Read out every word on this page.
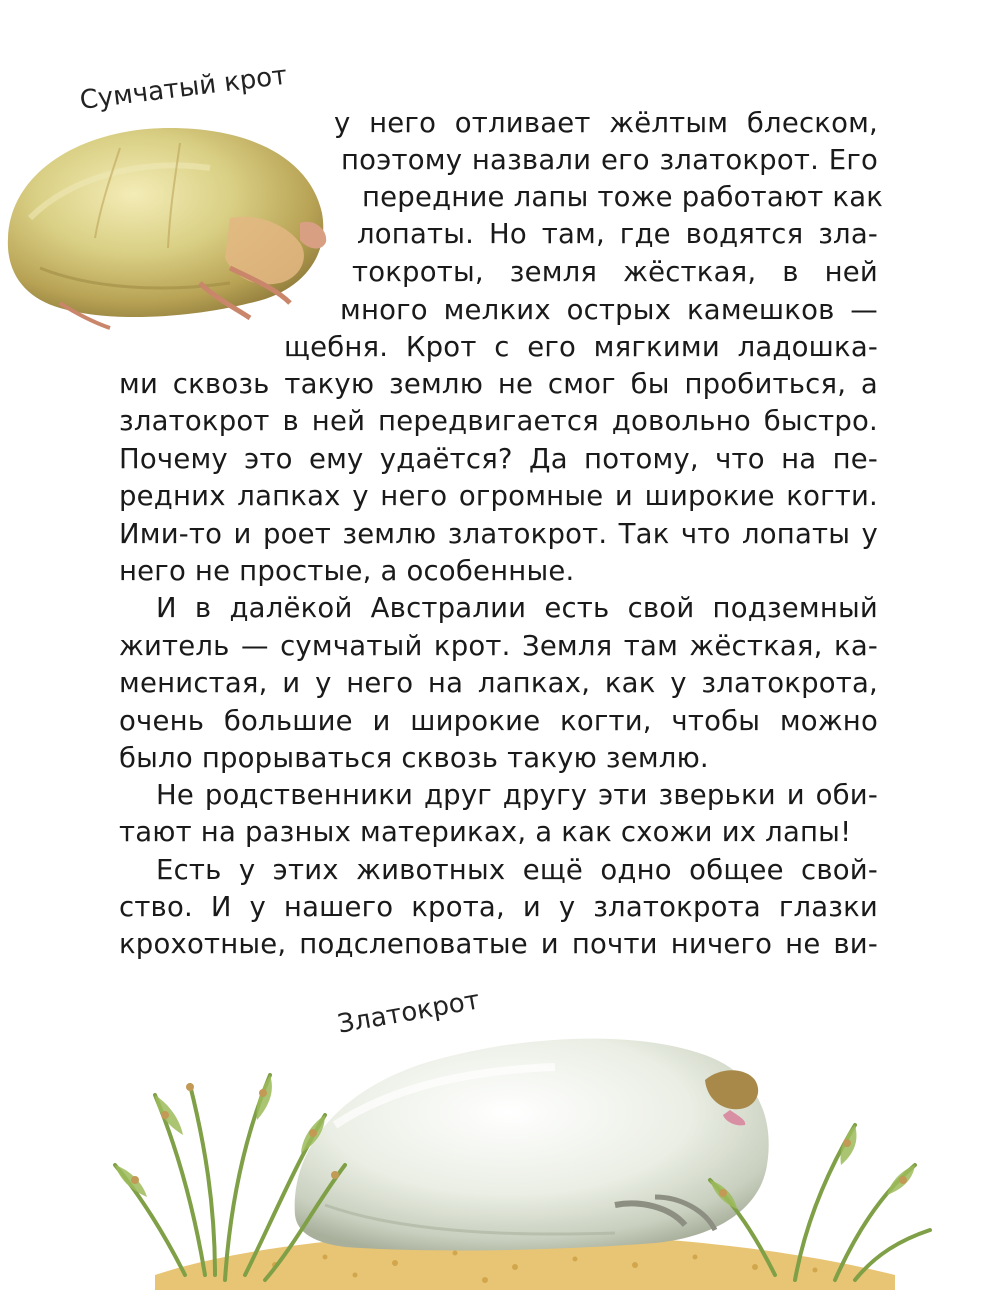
Сумчатый крот
у него отливает жёлтым блеском,
поэтому назвали его златокрот. Его
передние лапы тоже работают как
лопаты. Но там, где водятся зла-
токроты, земля жёсткая, в ней
много мелких острых камешков —
щебня. Крот с его мягкими ладошка-
ми сквозь такую землю не смог бы пробиться, а
златокрот в ней передвигается довольно быстро.
Почему это ему удаётся? Да потому, что на пе-
редних лапках у него огромные и широкие когти.
Ими-то и роет землю златокрот. Так что лопаты у
него не простые, а особенные.
И в далёкой Австралии есть свой подземный
житель — сумчатый крот. Земля там жёсткая, ка-
менистая, и у него на лапках, как у златокрота,
очень большие и широкие когти, чтобы можно
было прорываться сквозь такую землю.
Не родственники друг другу эти зверьки и оби-
тают на разных материках, а как схожи их лапы!
Есть у этих животных ещё одно общее свой-
ство. И у нашего крота, и у златокрота глазки
крохотные, подслеповатые и почти ничего не ви-
Златокрот
